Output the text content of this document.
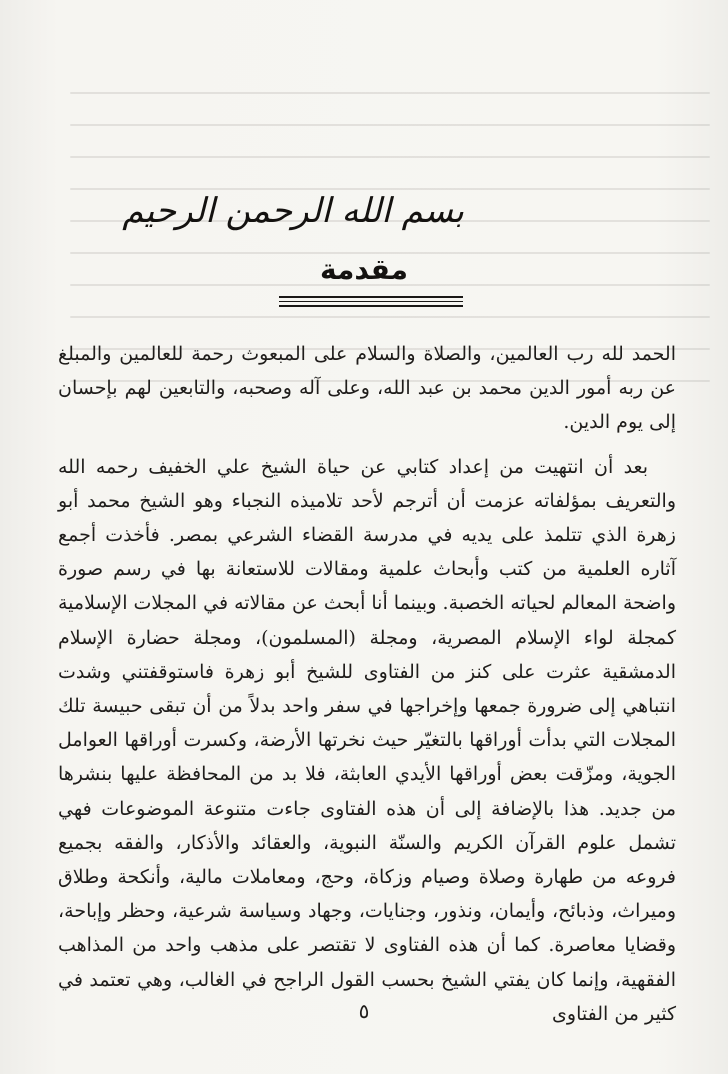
بسم الله الرحمن الرحيم
مقدمة

الحمد لله رب العالمين، والصلاة والسلام على المبعوث رحمة للعالمين والمبلغ عن ربه أمور الدين محمد بن عبد الله، وعلى آله وصحبه، والتابعين لهم بإحسان إلى يوم الدين.

بعد أن انتهيت من إعداد كتابي عن حياة الشيخ علي الخفيف رحمه الله والتعريف بمؤلفاته عزمت أن أترجم لأحد تلاميذه النجباء وهو الشيخ محمد أبو زهرة الذي تتلمذ على يديه في مدرسة القضاء الشرعي بمصر. فأخذت أجمع آثاره العلمية من كتب وأبحاث علمية ومقالات للاستعانة بها في رسم صورة واضحة المعالم لحياته الخصبة. وبينما أنا أبحث عن مقالاته في المجلات الإسلامية كمجلة لواء الإسلام المصرية، ومجلة (المسلمون)، ومجلة حضارة الإسلام الدمشقية عثرت على كنز من الفتاوى للشيخ أبو زهرة فاستوقفتني وشدت انتباهي إلى ضرورة جمعها وإخراجها في سفر واحد بدلاً من أن تبقى حبيسة تلك المجلات التي بدأت أوراقها بالتغيّر حيث نخرتها الأرضة، وكسرت أوراقها العوامل الجوية، ومزّقت بعض أوراقها الأيدي العابثة، فلا بد من المحافظة عليها بنشرها من جديد. هذا بالإضافة إلى أن هذه الفتاوى جاءت متنوعة الموضوعات فهي تشمل علوم القرآن الكريم والسنّة النبوية، والعقائد والأذكار، والفقه بجميع فروعه من طهارة وصلاة وصيام وزكاة، وحج، ومعاملات مالية، وأنكحة وطلاق وميراث، وذبائح، وأيمان، ونذور، وجنايات، وجهاد وسياسة شرعية، وحظر وإباحة، وقضايا معاصرة. كما أن هذه الفتاوى لا تقتصر على مذهب واحد من المذاهب الفقهية، وإنما كان يفتي الشيخ بحسب القول الراجح في الغالب، وهي تعتمد في كثير من الفتاوى

٥
